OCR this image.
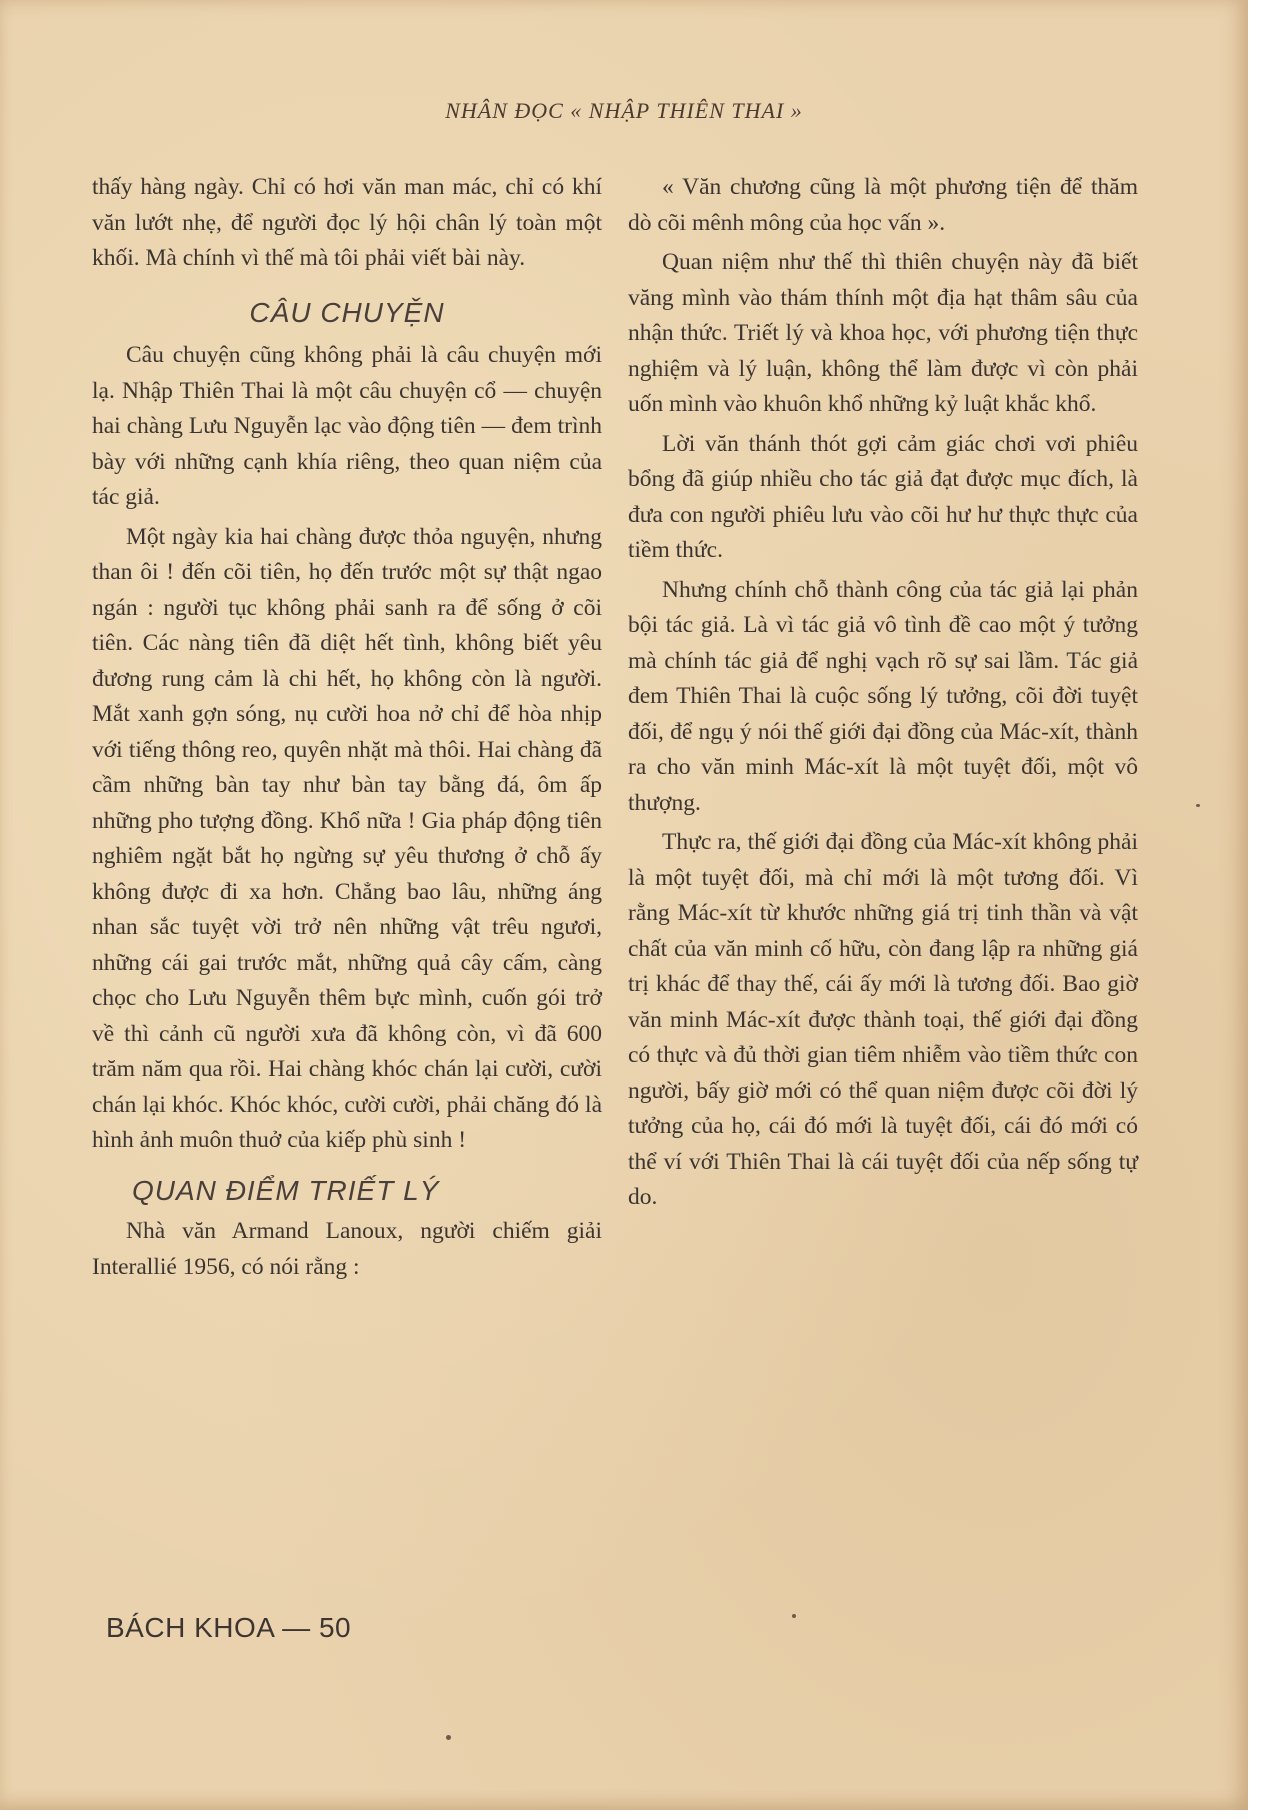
NHÂN ĐỌC « NHẬP THIÊN THAI »

thấy hàng ngày. Chỉ có hơi văn man mác, chỉ có khí văn lướt nhẹ, để người đọc lý hội chân lý toàn một khối. Mà chính vì thế mà tôi phải viết bài này.

CÂU CHUYỆN

Câu chuyện cũng không phải là câu chuyện mới lạ. Nhập Thiên Thai là một câu chuyện cổ — chuyện hai chàng Lưu Nguyễn lạc vào động tiên — đem trình bày với những cạnh khía riêng, theo quan niệm của tác giả.

Một ngày kia hai chàng được thỏa nguyện, nhưng than ôi ! đến cõi tiên, họ đến trước một sự thật ngao ngán : người tục không phải sanh ra để sống ở cõi tiên. Các nàng tiên đã diệt hết tình, không biết yêu đương rung cảm là chi hết, họ không còn là người. Mắt xanh gợn sóng, nụ cười hoa nở chỉ để hòa nhịp với tiếng thông reo, quyên nhặt mà thôi. Hai chàng đã cầm những bàn tay như bàn tay bằng đá, ôm ấp những pho tượng đồng. Khổ nữa ! Gia pháp động tiên nghiêm ngặt bắt họ ngừng sự yêu thương ở chỗ ấy không được đi xa hơn. Chẳng bao lâu, những áng nhan sắc tuyệt vời trở nên những vật trêu ngươi, những cái gai trước mắt, những quả cây cấm, càng chọc cho Lưu Nguyễn thêm bực mình, cuốn gói trở về thì cảnh cũ người xưa đã không còn, vì đã 600 trăm năm qua rồi. Hai chàng khóc chán lại cười, cười chán lại khóc. Khóc khóc, cười cười, phải chăng đó là hình ảnh muôn thuở của kiếp phù sinh !

QUAN ĐIỂM TRIẾT LÝ

Nhà văn Armand Lanoux, người chiếm giải Interallié 1956, có nói rằng :

« Văn chương cũng là một phương tiện để thăm dò cõi mênh mông của học vấn ».

Quan niệm như thế thì thiên chuyện này đã biết văng mình vào thám thính một địa hạt thâm sâu của nhận thức. Triết lý và khoa học, với phương tiện thực nghiệm và lý luận, không thể làm được vì còn phải uốn mình vào khuôn khổ những kỷ luật khắc khổ.

Lời văn thánh thót gợi cảm giác chơi vơi phiêu bổng đã giúp nhiều cho tác giả đạt được mục đích, là đưa con người phiêu lưu vào cõi hư hư thực thực của tiềm thức.

Nhưng chính chỗ thành công của tác giả lại phản bội tác giả. Là vì tác giả vô tình đề cao một ý tưởng mà chính tác giả để nghị vạch rõ sự sai lầm. Tác giả đem Thiên Thai là cuộc sống lý tưởng, cõi đời tuyệt đối, để ngụ ý nói thế giới đại đồng của Mác-xít, thành ra cho văn minh Mác-xít là một tuyệt đối, một vô thượng.

Thực ra, thế giới đại đồng của Mác-xít không phải là một tuyệt đối, mà chỉ mới là một tương đối. Vì rằng Mác-xít từ khước những giá trị tinh thần và vật chất của văn minh cố hữu, còn đang lập ra những giá trị khác để thay thế, cái ấy mới là tương đối. Bao giờ văn minh Mác-xít được thành toại, thế giới đại đồng có thực và đủ thời gian tiêm nhiễm vào tiềm thức con người, bấy giờ mới có thể quan niệm được cõi đời lý tưởng của họ, cái đó mới là tuyệt đối, cái đó mới có thể ví với Thiên Thai là cái tuyệt đối của nếp sống tự do.

BÁCH KHOA — 50
